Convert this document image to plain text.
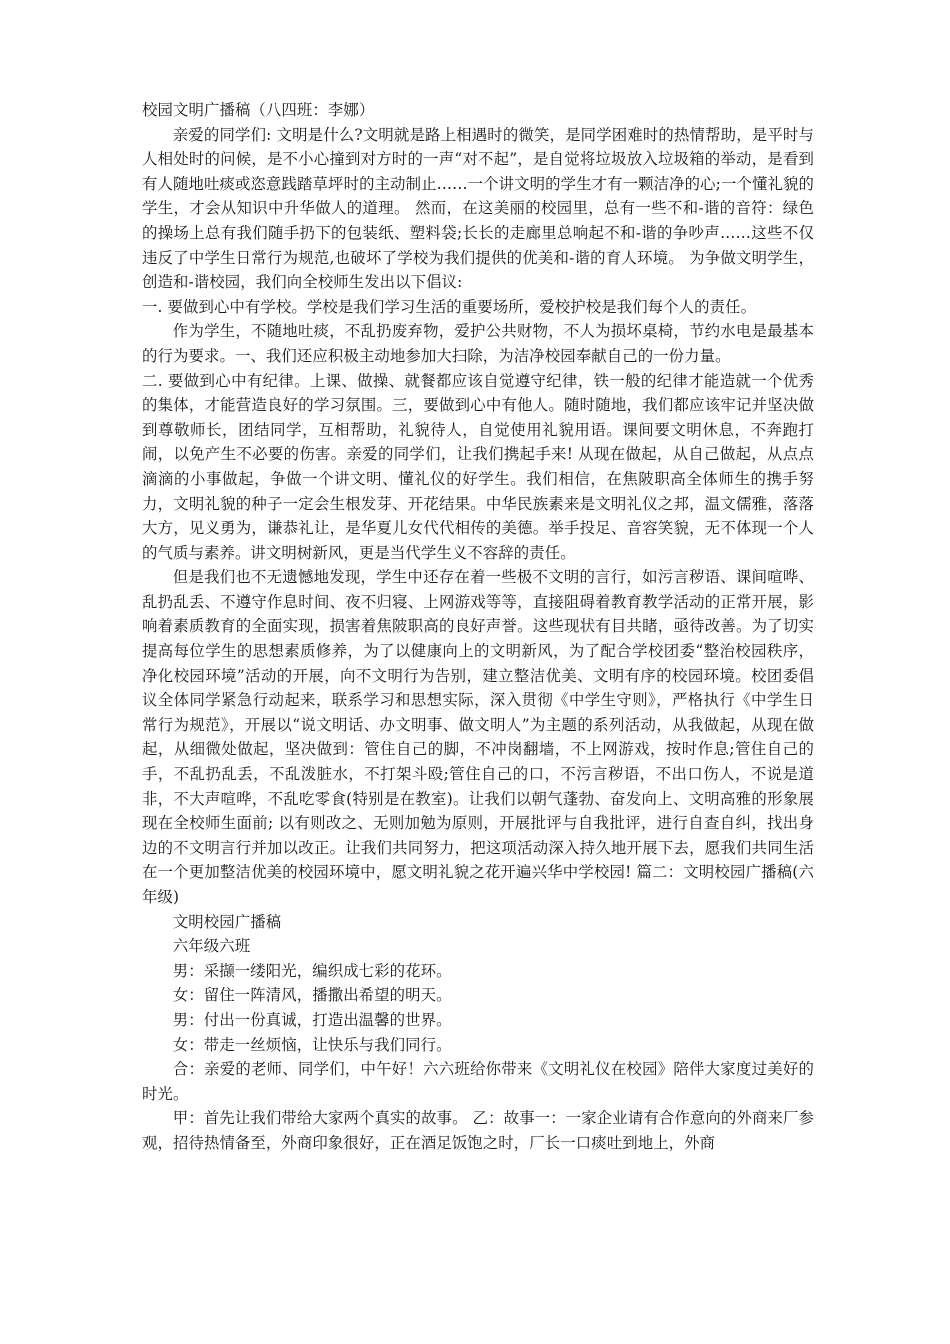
校园文明广播稿（八四班：李娜）

亲爱的同学们: 文明是什么?文明就是路上相遇时的微笑，是同学困难时的热情帮助，是平时与人相处时的问候，是不小心撞到对方时的一声“对不起”，是自觉将垃圾放入垃圾箱的举动，是看到有人随地吐痰或恣意践踏草坪时的主动制止……一个讲文明的学生才有一颗洁净的心;一个懂礼貌的学生，才会从知识中升华做人的道理。 然而，在这美丽的校园里，总有一些不和-谐的音符：绿色的操场上总有我们随手扔下的包装纸、塑料袋;长长的走廊里总响起不和-谐的争吵声……这些不仅违反了中学生日常行为规范,也破坏了学校为我们提供的优美和-谐的育人环境。 为争做文明学生，创造和-谐校园，我们向全校师生发出以下倡议:

一. 要做到心中有学校。学校是我们学习生活的重要场所，爱校护校是我们每个人的责任。

作为学生，不随地吐痰，不乱扔废弃物，爱护公共财物，不人为损坏桌椅，节约水电是最基本的行为要求。一、我们还应积极主动地参加大扫除，为洁净校园奉献自己的一份力量。

二. 要做到心中有纪律。上课、做操、就餐都应该自觉遵守纪律，铁一般的纪律才能造就一个优秀的集体，才能营造良好的学习氛围。三，要做到心中有他人。随时随地，我们都应该牢记并坚决做到尊敬师长，团结同学，互相帮助，礼貌待人，自觉使用礼貌用语。课间要文明休息，不奔跑打闹，以免产生不必要的伤害。亲爱的同学们，让我们携起手来! 从现在做起，从自己做起，从点点滴滴的小事做起，争做一个讲文明、懂礼仪的好学生。我们相信，在焦陂职高全体师生的携手努力，文明礼貌的种子一定会生根发芽、开花结果。中华民族素来是文明礼仪之邦，温文儒雅，落落大方，见义勇为，谦恭礼让，是华夏儿女代代相传的美德。举手投足、音容笑貌，无不体现一个人的气质与素养。讲文明树新风，更是当代学生义不容辞的责任。

但是我们也不无遗憾地发现，学生中还存在着一些极不文明的言行，如污言秽语、课间喧哗、乱扔乱丢、不遵守作息时间、夜不归寝、上网游戏等等，直接阻碍着教育教学活动的正常开展，影响着素质教育的全面实现，损害着焦陂职高的良好声誉。这些现状有目共睹，亟待改善。为了切实提高每位学生的思想素质修养，为了以健康向上的文明新风，为了配合学校团委“整治校园秩序，净化校园环境”活动的开展，向不文明行为告别，建立整洁优美、文明有序的校园环境。校团委倡议全体同学紧急行动起来，联系学习和思想实际，深入贯彻《中学生守则》，严格执行《中学生日常行为规范》，开展以“说文明话、办文明事、做文明人”为主题的系列活动，从我做起，从现在做起，从细微处做起，坚决做到：管住自己的脚，不冲岗翻墙，不上网游戏，按时作息;管住自己的手，不乱扔乱丢，不乱泼脏水，不打架斗殴;管住自己的口，不污言秽语，不出口伤人，不说是道非，不大声喧哗，不乱吃零食(特别是在教室)。让我们以朝气蓬勃、奋发向上、文明高雅的形象展现在全校师生面前; 以有则改之、无则加勉为原则，开展批评与自我批评，进行自查自纠，找出身边的不文明言行并加以改正。让我们共同努力，把这项活动深入持久地开展下去，愿我们共同生活在一个更加整洁优美的校园环境中，愿文明礼貌之花开遍兴华中学校园! 篇二：文明校园广播稿(六年级)

文明校园广播稿

六年级六班

男：采撷一缕阳光，编织成七彩的花环。

女：留住一阵清风，播撒出希望的明天。

男：付出一份真诚，打造出温馨的世界。

女：带走一丝烦恼，让快乐与我们同行。

合：亲爱的老师、同学们，中午好！六六班给你带来《文明礼仪在校园》陪伴大家度过美好的时光。

甲：首先让我们带给大家两个真实的故事。 乙：故事一：一家企业请有合作意向的外商来厂参观，招待热情备至，外商印象很好，正在酒足饭饱之时，厂长一口痰吐到地上，外商
